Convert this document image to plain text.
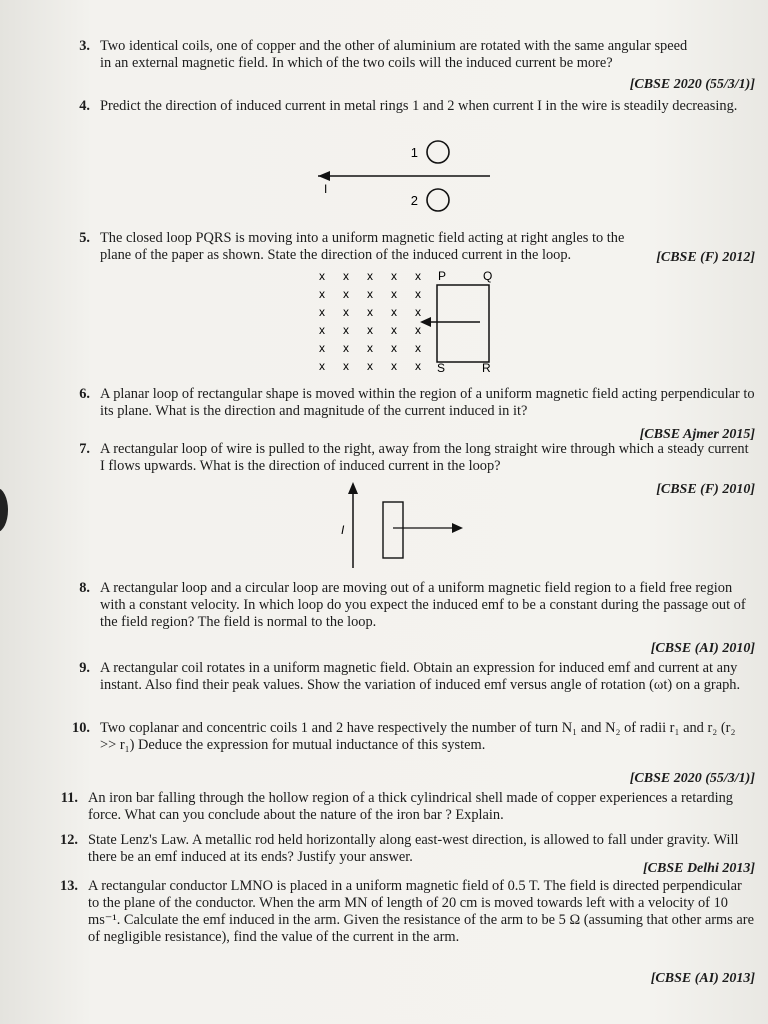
3. Two identical coils, one of copper and the other of aluminium are rotated with the same angular speed in an external magnetic field. In which of the two coils will the induced current be more?
[CBSE 2020 (55/3/1)]
4. Predict the direction of induced current in metal rings 1 and 2 when current I in the wire is steadily decreasing.
1
I
2
5. The closed loop PQRS is moving into a uniform magnetic field acting at right angles to the plane of the paper as shown. State the direction of the induced current in the loop.	[CBSE (F) 2012]
x x x x x
x x x x x
x x x x x
x x x x x
x x x x x
x x x x x
P	Q
S	R
6. A planar loop of rectangular shape is moved within the region of a uniform magnetic field acting perpendicular to its plane. What is the direction and magnitude of the current induced in it?
[CBSE Ajmer 2015]
7. A rectangular loop of wire is pulled to the right, away from the long straight wire through which a steady current I flows upwards. What is the direction of induced current in the loop?
[CBSE (F) 2010]
I
8. A rectangular loop and a circular loop are moving out of a uniform magnetic field region to a field free region with a constant velocity. In which loop do you expect the induced emf to be a constant during the passage out of the field region? The field is normal to the loop.
[CBSE (AI) 2010]
9. A rectangular coil rotates in a uniform magnetic field. Obtain an expression for induced emf and current at any instant. Also find their peak values. Show the variation of induced emf versus angle of rotation (ωt) on a graph.
10. Two coplanar and concentric coils 1 and 2 have respectively the number of turn N₁ and N₂ of radii r₁ and r₂ (r₂ >> r₁) Deduce the expression for mutual inductance of this system.
[CBSE 2020 (55/3/1)]
11. An iron bar falling through the hollow region of a thick cylindrical shell made of copper experiences a retarding force. What can you conclude about the nature of the iron bar ? Explain.
12. State Lenz's Law. A metallic rod held horizontally along east-west direction, is allowed to fall under gravity. Will there be an emf induced at its ends? Justify your answer.
[CBSE Delhi 2013]
13. A rectangular conductor LMNO is placed in a uniform magnetic field of 0.5 T. The field is directed perpendicular to the plane of the conductor. When the arm MN of length of 20 cm is moved towards left with a velocity of 10 ms⁻¹. Calculate the emf induced in the arm. Given the resistance of the arm to be 5 Ω (assuming that other arms are of negligible resistance), find the value of the current in the arm.
[CBSE (AI) 2013]
